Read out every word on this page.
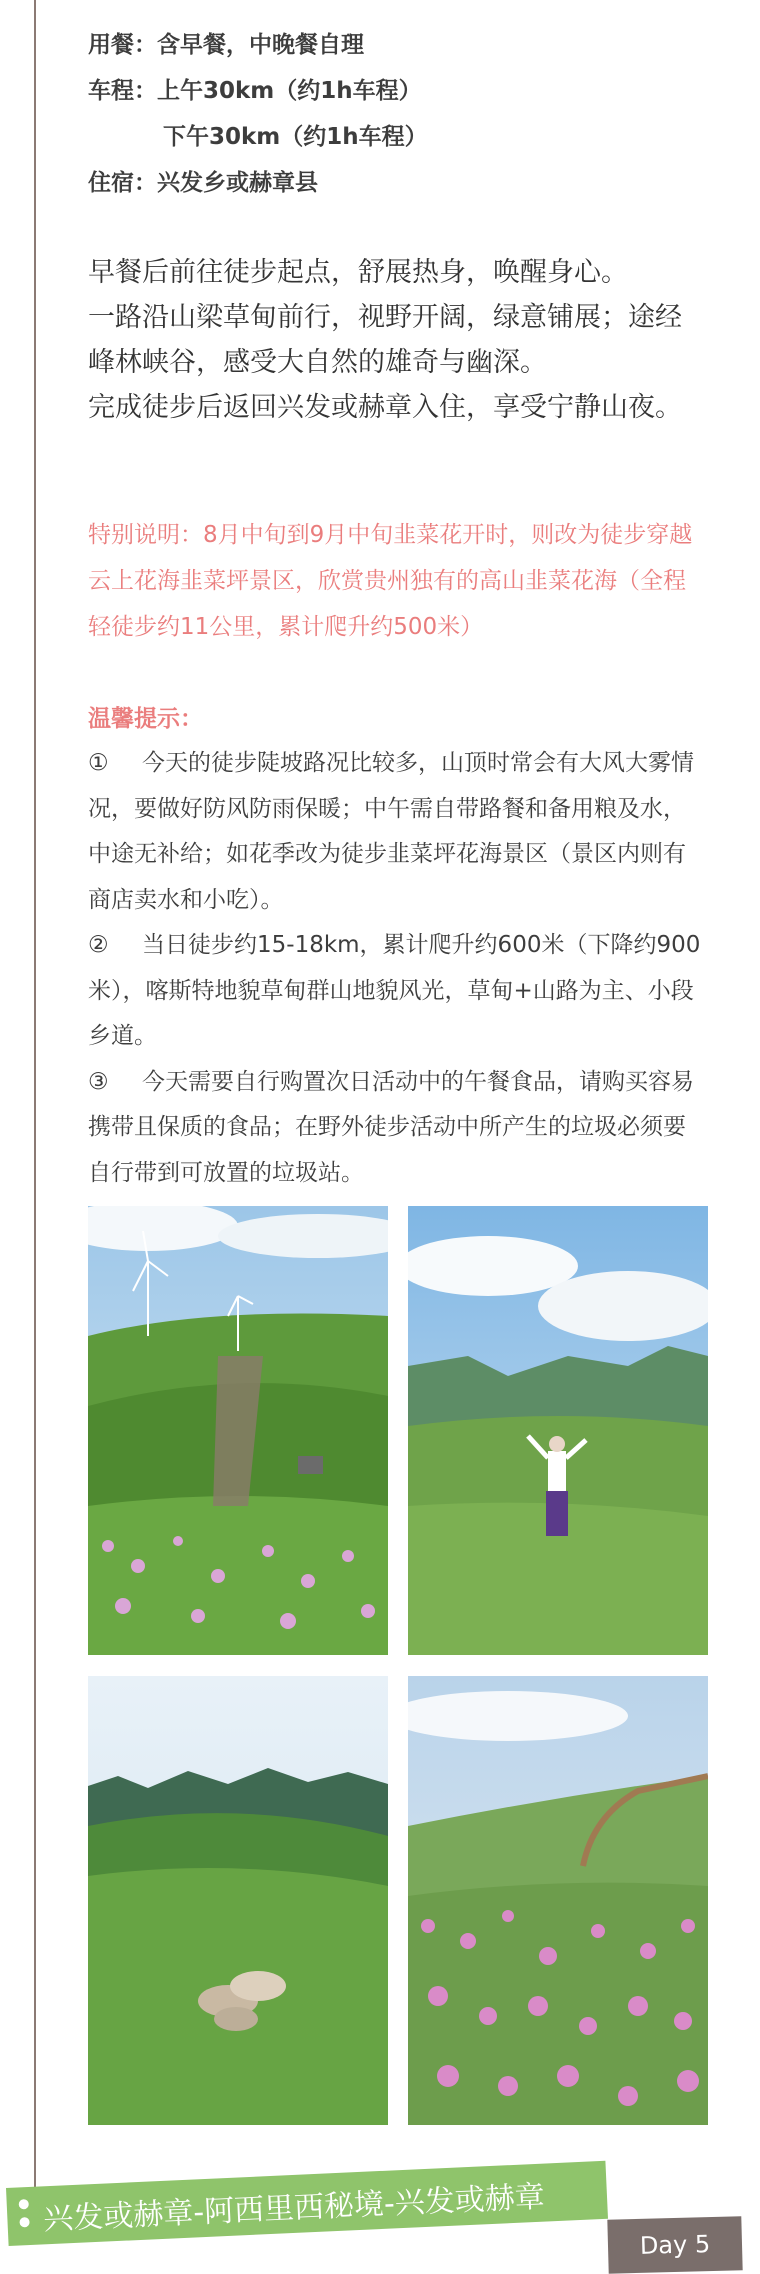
用餐：含早餐，中晚餐自理
车程：上午30km（约1h车程）
下午30km（约1h车程）
住宿：兴发乡或赫章县
早餐后前往徒步起点，舒展热身，唤醒身心。
一路沿山梁草甸前行，视野开阔，绿意铺展；途经峰林峡谷，感受大自然的雄奇与幽深。
完成徒步后返回兴发或赫章入住，享受宁静山夜。
特别说明：8月中旬到9月中旬韭菜花开时，则改为徒步穿越云上花海韭菜坪景区，欣赏贵州独有的高山韭菜花海（全程轻徒步约11公里，累计爬升约500米）
温馨提示：

① 今天的徒步陡坡路况比较多，山顶时常会有大风大雾情况，要做好防风防雨保暖；中午需自带路餐和备用粮及水，中途无补给；如花季改为徒步韭菜坪花海景区（景区内则有商店卖水和小吃）。

② 当日徒步约15-18km，累计爬升约600米（下降约900米），喀斯特地貌草甸群山地貌风光，草甸+山路为主、小段乡道。

③ 今天需要自行购置次日活动中的午餐食品，请购买容易携带且保质的食品；在野外徒步活动中所产生的垃圾必须要自行带到可放置的垃圾站。

兴发或赫章-阿西里西秘境-兴发或赫章
Day 5
